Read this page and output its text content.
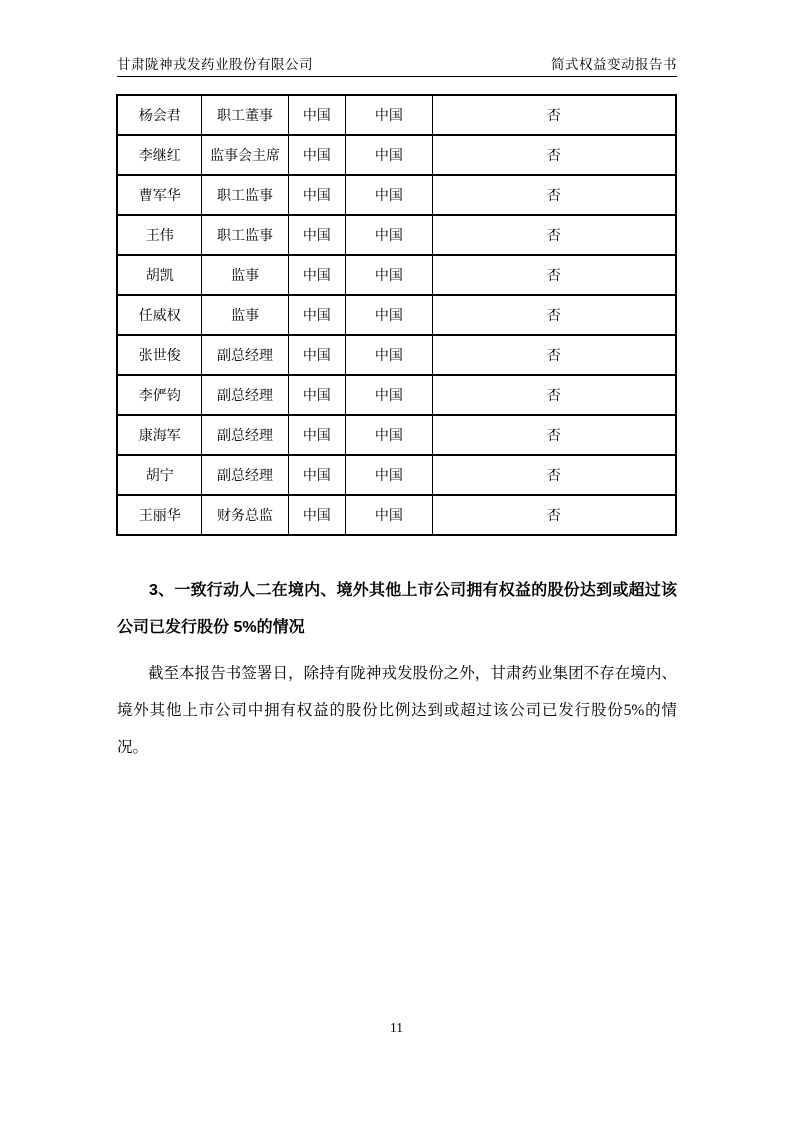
甘肃陇神戎发药业股份有限公司	简式权益变动报告书
杨会君	职工董事	中国	中国	否
李继红	监事会主席	中国	中国	否
曹军华	职工监事	中国	中国	否
王伟	职工监事	中国	中国	否
胡凯	监事	中国	中国	否
任威权	监事	中国	中国	否
张世俊	副总经理	中国	中国	否
李俨钧	副总经理	中国	中国	否
康海军	副总经理	中国	中国	否
胡宁	副总经理	中国	中国	否
王丽华	财务总监	中国	中国	否
3、一致行动人二在境内、境外其他上市公司拥有权益的股份达到或超过该公司已发行股份 5%的情况
截至本报告书签署日，除持有陇神戎发股份之外，甘肃药业集团不存在境内、境外其他上市公司中拥有权益的股份比例达到或超过该公司已发行股份5%的情况。
11
